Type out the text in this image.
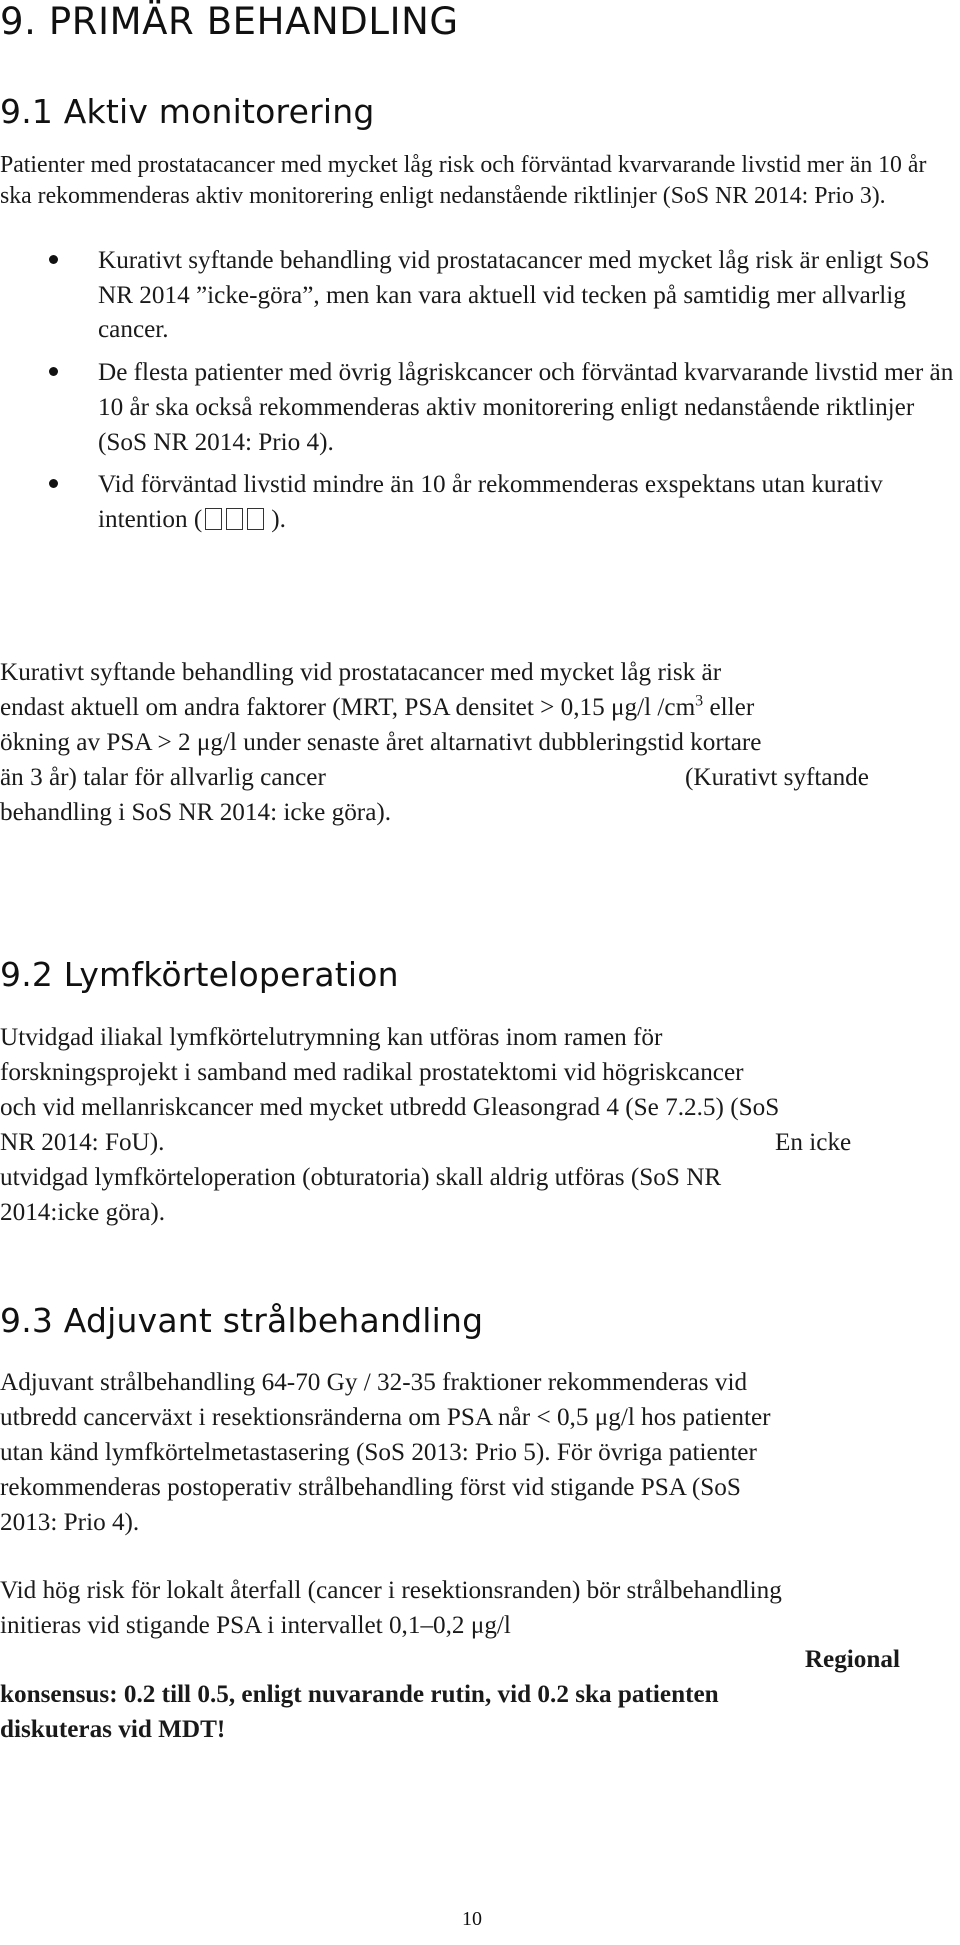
9. PRIMÄR BEHANDLING
9.1 Aktiv monitorering

Patienter med prostatacancer med mycket låg risk och förväntad kvarvarande livstid mer än 10 år ska rekommenderas aktiv monitorering enligt nedanstående riktlinjer (SoS NR 2014: Prio 3).

Kurativt syftande behandling vid prostatacancer med mycket låg risk är enligt SoS NR 2014 ”icke-göra”, men kan vara aktuell vid tecken på samtidig mer allvarlig cancer.
De flesta patienter med övrig lågriskcancer och förväntad kvarvarande livstid mer än 10 år ska också rekommenderas aktiv monitorering enligt nedanstående riktlinjer (SoS NR 2014: Prio 4).
Vid förväntad livstid mindre än 10 år rekommenderas exspektans utan kurativ intention (	).
Kurativt syftande behandling vid prostatacancer med mycket låg risk är
endast aktuell om andra faktorer (MRT, PSA densitet > 0,15 μg/l $/cm^3$ eller
ökning av PSA > 2 μg/l under senaste året altarnativt dubbleringstid kortare
än 3 år) talar för allvarlig cancer	(Kurativt syftande
behandling i SoS NR 2014: icke göra).
9.2 Lymfkörteloperation
Utvidgad iliakal lymfkörtelutrymning kan utföras inom ramen för
forskningsprojekt i samband med radikal prostatektomi vid högriskcancer
och vid mellanriskcancer med mycket utbredd Gleasongrad 4 (Se 7.2.5) (SoS
NR 2014: FoU).	En icke
utvidgad lymfkörteloperation (obturatoria) skall aldrig utföras (SoS NR
2014:icke göra).
9.3 Adjuvant strålbehandling
Adjuvant strålbehandling 64-70 Gy / 32-35 fraktioner rekommenderas vid
utbredd cancerväxt i resektionsränderna om PSA når < 0,5 μg/l hos patienter
utan känd lymfkörtelmetastasering (SoS 2013: Prio 5). För övriga patienter
rekommenderas postoperativ strålbehandling först vid stigande PSA (SoS
2013: Prio 4).
Vid hög risk för lokalt återfall (cancer i resektionsranden) bör strålbehandling
initieras vid stigande PSA i intervallet 0,1–0,2 μg/l
Regional
konsensus: 0.2 till 0.5, enligt nuvarande rutin, vid 0.2 ska patienten
diskuteras vid MDT!
10
